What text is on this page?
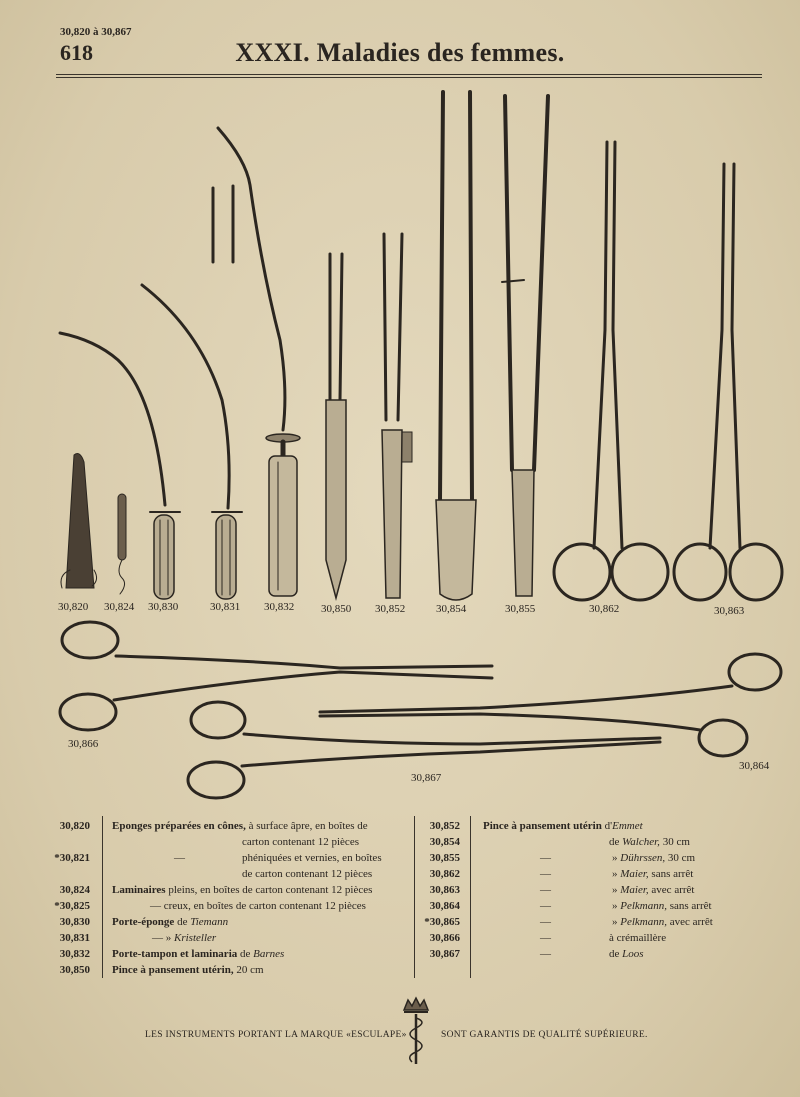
30,820 à 30,867
618	XXXI. Maladies des femmes.
30,820 30,824 30,830	30,831 30,832 30,850 30,852	30,854	30,855	30,862	30,863
30,866
30,867
30,864
30,820 Eponges préparées en cônes, à surface âpre, en boîtes de
carton contenant 12 pièces
*30,821	—	phéniquées et vernies, en boîtes
de carton contenant 12 pièces
30,824 Laminaires pleins, en boîtes de carton contenant 12 pièces
*30,825	— creux, en boîtes de carton contenant 12 pièces
30,830 Porte-éponge de Tiemann
30,831	— » Kristeller
30,832 Porte-tampon et laminaria de Barnes
30,850 Pince à pansement utérin, 20 cm
30,852 Pince à pansement utérin d'Emmet
30,854	de Walcher, 30 cm
30,855	—	» Dührssen, 30 cm
30,862	—	» Maier, sans arrêt
30,863	—	» Maier, avec arrêt
30,864	—	» Pelkmann, sans arrêt
*30,865	—	» Pelkmann, avec arrêt
30,866	—	à crémaillère
30,867	—	de Loos
LES INSTRUMENTS PORTANT LA MARQUE «ESCULAPE»	SONT GARANTIS DE QUALITÉ SUPÉRIEURE.
